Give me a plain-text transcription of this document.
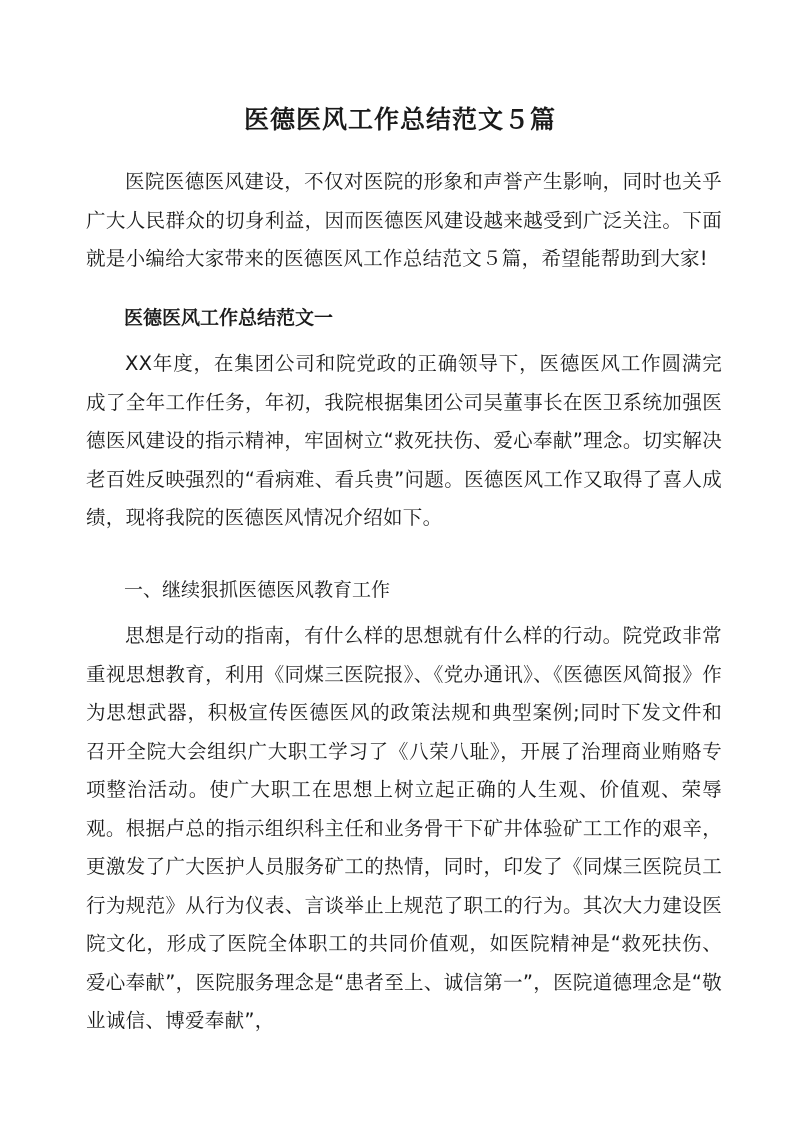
医德医风工作总结范文５篇

医院医德医风建设，不仅对医院的形象和声誉产生影响，同时也关乎广大人民群众的切身利益，因而医德医风建设越来越受到广泛关注。下面就是小编给大家带来的医德医风工作总结范文５篇，希望能帮助到大家!

医德医风工作总结范文一

XX年度，在集团公司和院党政的正确领导下，医德医风工作圆满完成了全年工作任务，年初，我院根据集团公司吴董事长在医卫系统加强医德医风建设的指示精神，牢固树立“救死扶伤、爱心奉献”理念。切实解决老百姓反映强烈的“看病难、看兵贵”问题。医德医风工作又取得了喜人成绩，现将我院的医德医风情况介绍如下。

一、继续狠抓医德医风教育工作

思想是行动的指南，有什么样的思想就有什么样的行动。院党政非常重视思想教育，利用《同煤三医院报》、《党办通讯》、《医德医风简报》作为思想武器，积极宣传医德医风的政策法规和典型案例;同时下发文件和召开全院大会组织广大职工学习了《八荣八耻》，开展了治理商业贿赂专项整治活动。使广大职工在思想上树立起正确的人生观、价值观、荣辱观。根据卢总的指示组织科主任和业务骨干下矿井体验矿工工作的艰辛，更激发了广大医护人员服务矿工的热情，同时，印发了《同煤三医院员工行为规范》从行为仪表、言谈举止上规范了职工的行为。其次大力建设医院文化，形成了医院全体职工的共同价值观，如医院精神是“救死扶伤、爱心奉献”，医院服务理念是“患者至上、诚信第一”，医院道德理念是“敬业诚信、博爱奉献”，
